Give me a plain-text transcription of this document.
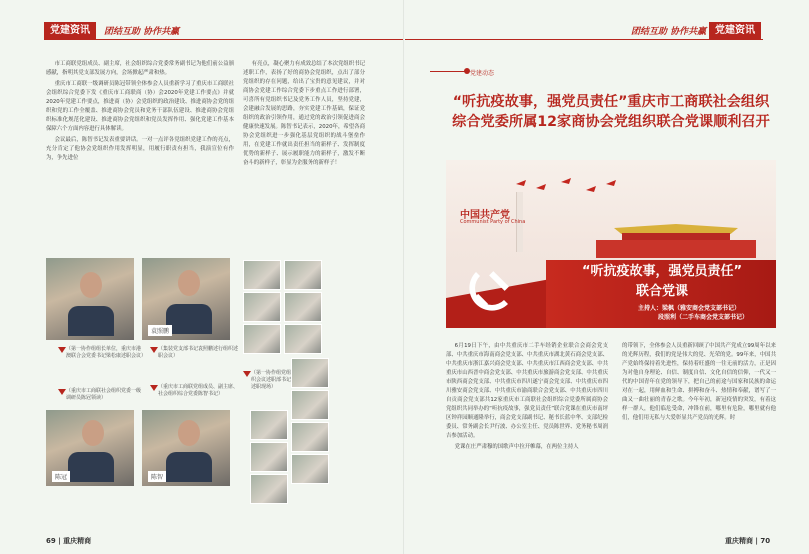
党建资讯	团结互助 协作共赢

市工商联党组成员、副主席，社会组织综合党委常务副书记为他们前公益颁感献，指明其党支部发展方向，会场掀起严肃和热。

重庆市工商联一级调研员陈冠带领全体参会人员重新学习了重庆市工商联社会组织综合党委下发《重庆市工商联商（协）会2020年党建工作要点》并就2020年党建工作要点，推进商（协）会党组织的政治建设、推进商协会党的组织和党的工作全覆盖、推进商协会党员和党务干部队伍建设、推进商协会党组织标准化规范化建设、推进商协会党组织和党员发挥作用、强化党建工作基本保障六个方面内容进行具体解读。

会议最后，陈智书记发表重要讲话。一对一点评各党组织党建工作的亮点，充分肯定了他协会党组织作用发挥明显，用履行职责有担当，我演宣位有作为，争先进位

有亮点，凝心聚力有成效总结了本次党组织书记述职工作，表扬了好的商协会党组织，点出了部分党组织的存在问题，给出了宝贵的意见建议，并对商协会党建工作综合党委下步重点工作进行部署，可喜所有党组织书记及党务工作人员，坚持党建，会建融合发展的思路，夯实党建工作基础，保证党组织的政治引领作用，通过党的政治引领促进商会健康快速发展。陈智书记表示，2020年，希望各商协会党组织进一步强化基层党组织的战斗堡垒作用，在党建工作就出责任担当的新样子、发挥制度优势的新样子、展示履职能力的新样子，激发不断奋斗的新样子，彰显为企服务的新样子！

袁照鹏
陈冠	陈智
（第一协作组组长单位，重庆市港澳联合会党委书记梁松康述职会议）
（集装党支部书记袁照鹏述行组织述职会议）
（重庆市工商联社会组织党委一级调研员陈冠领读）
（重庆市工商联党组成员、副主席、社会组织综合党委陈智书记）
（第一协作组党组织会议述职部书记述职现场）
69 | 重庆精商
团结互助 协作共赢 党建资讯
重庆精商 | 70
党建动态
“听抗疫故事，强党员责任”重庆市工商联社会组织综合党委所属12家商协会党组织联合党课顺利召开
中国共产党
Communist Party of China
“听抗疫故事，强党员责任”
联合党课
主持人：梁枫（雅安商会党支部书记）
段照利（二手车商会党支部书记）

6月19日下午，由中共重庆市二手车经销企业联合会商会党支部、中共重庆市海南商会党支部、中共重庆市湖北黄石商会党支部、中共重庆市浙江嘉兴商会党支部、中共重庆市江西商会党支部、中共重庆市山西晋中商会党支部、中共重庆市旅游商会党支部、中共重庆市陕西商会党支部、中共重庆市四川遂宁商会党支部、中共重庆市四川雅安商会党支部、中共重庆市渝商联合会党支部、中共重庆市四川自贡商会党支部共12家重庆市工商联社会组织综合党委所属商协会党组织共同举办的“听抗疫故事，强党员责任”联合党课在重庆市南坪区钟祥园顺通隆举行，商会党支部副书记、秘书长蓝中华、支部纪检委员、常务副会长尹行波、办公室主任、党员陈世界、党务秘书周润吉参加活动。

党课在庄严肃穆的国歌声中拉开帷幕，在两位主持人

的带领下，全体参会人员重新回顾了中国共产党成立99周年以来的光辉历程，我们的党是伟大的党、光荣的党。99年来，中国共产党始终保持着先进性，保持着旺盛的一往无前的活力，正是因为对他自身理论、自信、制度自信、文化自信的信仰，一代又一代的中国青年在党的领导下，把自己的前途与国家和民族的命运对在一起，用鲜血和生命、拼搏和奋斗、热情和奉献，谱写了一曲又一曲壮丽的青春之歌。今年年初，新冠疫情的突发，有着这样一群人，他们临危受命，冲锋在前，哪里有危险，哪里就有他们，他们用无私与大爱彰显共产党员的光辉。时
